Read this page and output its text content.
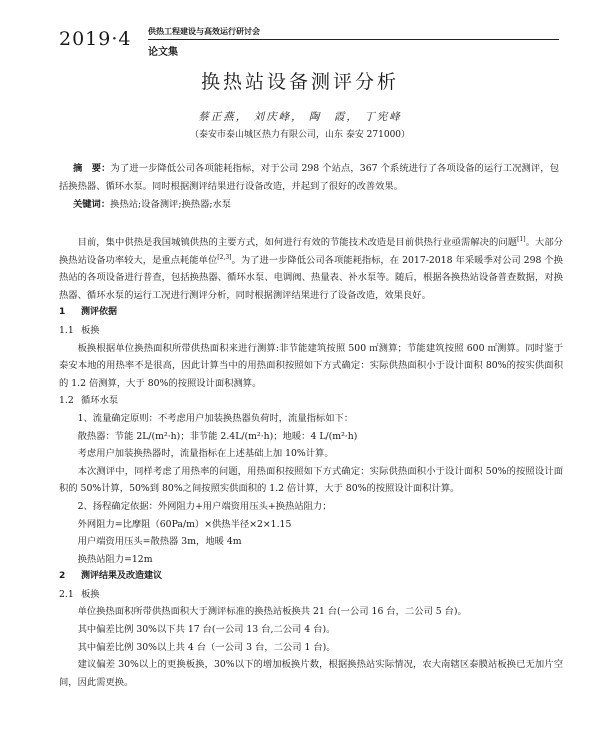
2019·4 供热工程建设与高效运行研讨会
论文集
换热站设备测评分析
蔡正燕， 刘庆峰， 陶　霞， 丁宪峰
（泰安市泰山城区热力有限公司，山东 泰安 271000）

摘　要：为了进一步降低公司各项能耗指标，对于公司 298 个站点，367 个系统进行了各项设备的运行工况测评，包括换热器、循环水泵。同时根据测评结果进行设备改造，并起到了很好的改善效果。

关键词：换热站;设备测评;换热器;水泵

目前，集中供热是我国城镇供热的主要方式，如何进行有效的节能技术改造是目前供热行业亟需解决的问题[1]。大部分换热站设备功率较大，是重点耗能单位[2,3]。为了进一步降低公司各项能耗指标，在 2017-2018 年采暖季对公司 298 个换热站的各项设备进行普查，包括换热器、循环水泵、电调阀、热量表、补水泵等。随后，根据各换热站设备普查数据，对换热器、循环水泵的运行工况进行测评分析，同时根据测评结果进行了设备改造，效果良好。

1 测评依据

1.1 板换

板换根据单位换热面积所带供热面积来进行测算:非节能建筑按照 500 ㎡测算；节能建筑按照 600 ㎡测算。同时鉴于泰安本地的用热率不是很高，因此计算当中的用热面积按照如下方式确定：实际供热面积小于设计面积 80%的按实供面积的 1.2 倍测算，大于 80%的按照设计面积测算。

1.2 循环水泵

1、流量确定原则：不考虑用户加装换热器负荷时，流量指标如下：

散热器：节能 2L/(m²·h)；非节能 2.4L/(m²·h)；地暖：4 L/(m²·h)

考虑用户加装换热器时，流量指标在上述基础上加 10%计算。

本次测评中，同样考虑了用热率的问题，用热面积按照如下方式确定：实际供热面积小于设计面积 50%的按照设计面积的 50%计算，50%到 80%之间按照实供面积的 1.2 倍计算，大于 80%的按照设计面积计算。

2、扬程确定依据：外网阻力+用户端资用压头+换热站阻力；

外网阻力=比摩阻（60Pa/m）×供热半径×2×1.15

用户端资用压头=散热器 3m，地暖 4m

换热站阻力=12m

2 测评结果及改造建议

2.1 板换

单位换热面积所带供热面积大于测评标准的换热站板换共 21 台(一公司 16 台，二公司 5 台)。

其中偏差比例 30%以下共 17 台(一公司 13 台,二公司 4 台)。

其中偏差比例 30%以上共 4 台（一公司 3 台，二公司 1 台)。

建议偏差 30%以上的更换板换，30%以下的增加板换片数，根据换热站实际情况，农大南辖区泰膜站板换已无加片空间，因此需更换。
